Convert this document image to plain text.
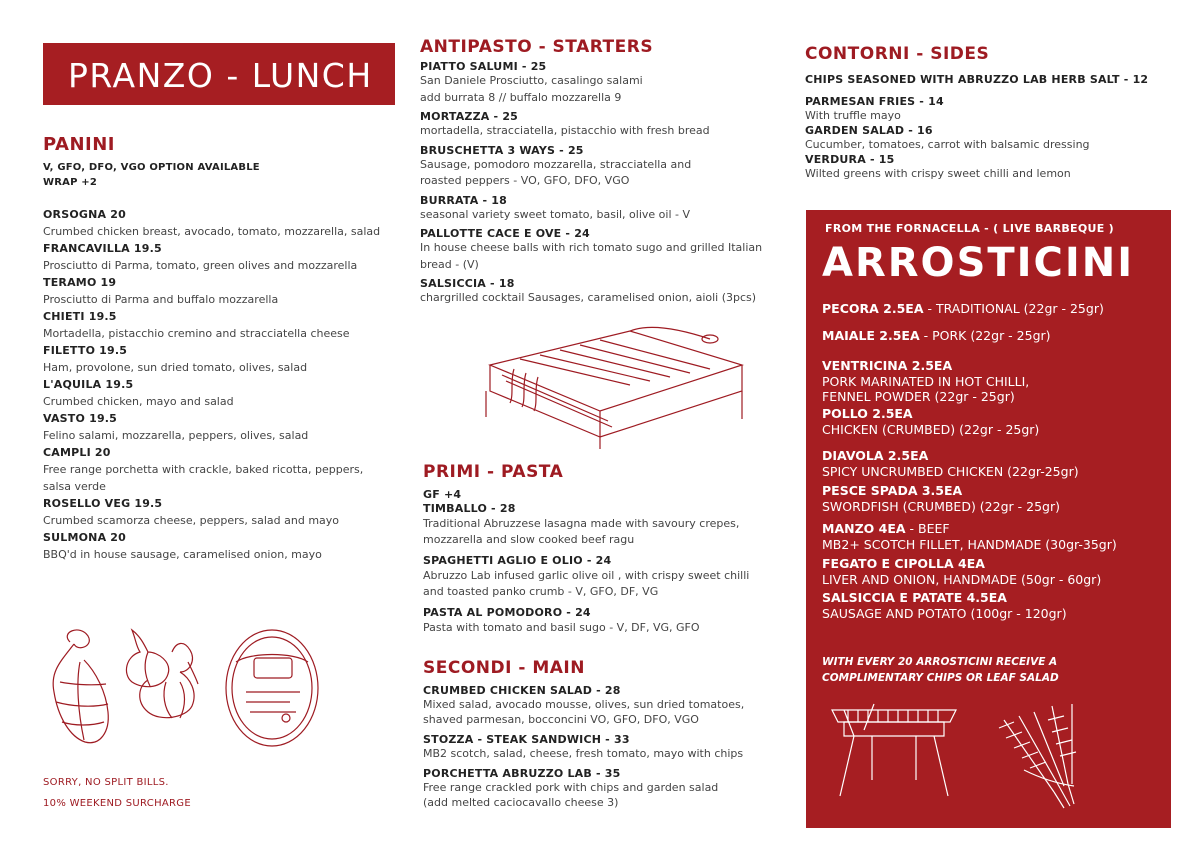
PRANZO - LUNCH
PANINI
V, GFO, DFO, VGO OPTION AVAILABLE
WRAP +2
ORSOGNA 20
Crumbed chicken breast, avocado, tomato, mozzarella, salad
FRANCAVILLA 19.5
Prosciutto di Parma, tomato, green olives and mozzarella
TERAMO 19
Prosciutto di Parma and buffalo mozzarella
CHIETI 19.5
Mortadella, pistacchio cremino and stracciatella cheese
FILETTO 19.5
Ham, provolone, sun dried tomato, olives, salad
L'AQUILA 19.5
Crumbed chicken, mayo and salad
VASTO 19.5
Felino salami, mozzarella, peppers, olives, salad
CAMPLI 20
Free range porchetta with crackle, baked ricotta, peppers,
salsa verde
ROSELLO VEG 19.5
Crumbed scamorza cheese, peppers, salad and mayo
SULMONA 20
BBQ'd in house sausage, caramelised onion, mayo
SORRY, NO SPLIT BILLS.
10% WEEKEND SURCHARGE
ANTIPASTO - STARTERS
PIATTO SALUMI - 25
San Daniele Prosciutto, casalingo salami
add burrata 8 // buffalo mozzarella 9
MORTAZZA - 25
mortadella, stracciatella, pistacchio with fresh bread
BRUSCHETTA 3 WAYS - 25
Sausage, pomodoro mozzarella, stracciatella and
roasted peppers - VO, GFO, DFO, VGO
BURRATA - 18
seasonal variety sweet tomato, basil, olive oil - V
PALLOTTE CACE E OVE - 24
In house cheese balls with rich tomato sugo and grilled Italian
bread - (V)
SALSICCIA - 18
chargrilled cocktail Sausages, caramelised onion, aioli (3pcs)
PRIMI - PASTA
GF +4
TIMBALLO - 28
Traditional Abruzzese lasagna made with savoury crepes,
mozzarella and slow cooked beef ragu
SPAGHETTI AGLIO E OLIO - 24
Abruzzo Lab infused garlic olive oil , with crispy sweet chilli
and toasted panko crumb - V, GFO, DF, VG
PASTA AL POMODORO - 24
Pasta with tomato and basil sugo - V, DF, VG, GFO
SECONDI - MAIN
CRUMBED CHICKEN SALAD - 28
Mixed salad, avocado mousse, olives, sun dried tomatoes,
shaved parmesan, bocconcini VO, GFO, DFO, VGO
STOZZA - STEAK SANDWICH - 33
MB2 scotch, salad, cheese, fresh tomato, mayo with chips
PORCHETTA ABRUZZO LAB - 35
Free range crackled pork with chips and garden salad
(add melted caciocavallo cheese 3)
CONTORNI - SIDES
CHIPS SEASONED WITH ABRUZZO LAB HERB SALT - 12
PARMESAN FRIES - 14
With truffle mayo
GARDEN SALAD - 16
Cucumber, tomatoes, carrot with balsamic dressing
VERDURA - 15
Wilted greens with crispy sweet chilli and lemon
FROM THE FORNACELLA - ( LIVE BARBEQUE )
ARROSTICINI
PECORA 2.5EA - TRADITIONAL (22gr - 25gr)
MAIALE 2.5EA - PORK (22gr - 25gr)
VENTRICINA 2.5EA
PORK MARINATED IN HOT CHILLI,
FENNEL POWDER (22gr - 25gr)
POLLO 2.5EA
CHICKEN (CRUMBED) (22gr - 25gr)
DIAVOLA 2.5EA
SPICY UNCRUMBED CHICKEN (22gr-25gr)
PESCE SPADA 3.5EA
SWORDFISH (CRUMBED) (22gr - 25gr)
MANZO 4EA - BEEF
MB2+ SCOTCH FILLET, HANDMADE (30gr-35gr)
FEGATO E CIPOLLA 4EA
LIVER AND ONION, HANDMADE (50gr - 60gr)
SALSICCIA E PATATE 4.5EA
SAUSAGE AND POTATO (100gr - 120gr)
WITH EVERY 20 ARROSTICINI RECEIVE A
COMPLIMENTARY CHIPS OR LEAF SALAD
